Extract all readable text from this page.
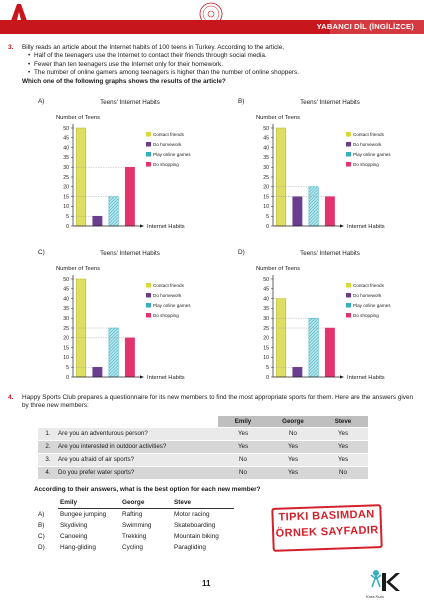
YABANCI DİL (İNGİLİZCE)
3. Billy reads an article about the Internet habits of 100 teens in Turkey. According to the article,
• Half of the teenagers use the Internet to contact their friends through social media.
• Fewer than ten teenagers use the Internet only for their homework.
• The number of online gamers among teenagers is higher than the number of online shoppers.
Which one of the following graphs shows the results of the article?
A)	B)
C)	D)
Teens' Internet Habits
Number of Teens
0
5
10
15
20
25
30
35
40
45
50
Internet Habits
Contact friends
Do homework
Play online games
Do shopping
Teens' Internet Habits
Number of Teens
0
5
10
15
20
25
30
35
40
45
50
Internet Habits
Contact friends
Do homework
Play online games
Do shopping
Teens' Internet Habits
Number of Teens
0
5
10
15
20
25
30
35
40
45
50
Internet Habits
Contact friends
Do homework
Play online games
Do shopping
Teens' Internet Habits
Number of Teens
0
5
10
15
20
25
30
35
40
45
50
Internet Habits
Contact friends
Do homework
Play online games
Do shopping
4. Happy Sports Club prepares a questionnaire for its new members to find the most appropriate sports for them. Here are the answers given by three new members:
		Emily	George	Steve
1.	Are you an adventurous person?	Yes	No	Yes
2.	Are you interested in outdoor activities?	Yes	Yes	Yes
3.	Are you afraid of air sports?	No	Yes	Yes
4.	Do you prefer water sports?	No	Yes	No
According to their answers, what is the best option for each new member?
	Emily	George	Steve
A)	Bungee jumping	Rafting	Motor racing
B)	Skydiving	Swimming	Skateboarding
C)	Canoeing	Trekking	Mountain biking
D)	Hang-gliding	Cycling	Paragliding
TIPKI BASIMDAN
ÖRNEK SAYFADIR
11
Kara Kutu
